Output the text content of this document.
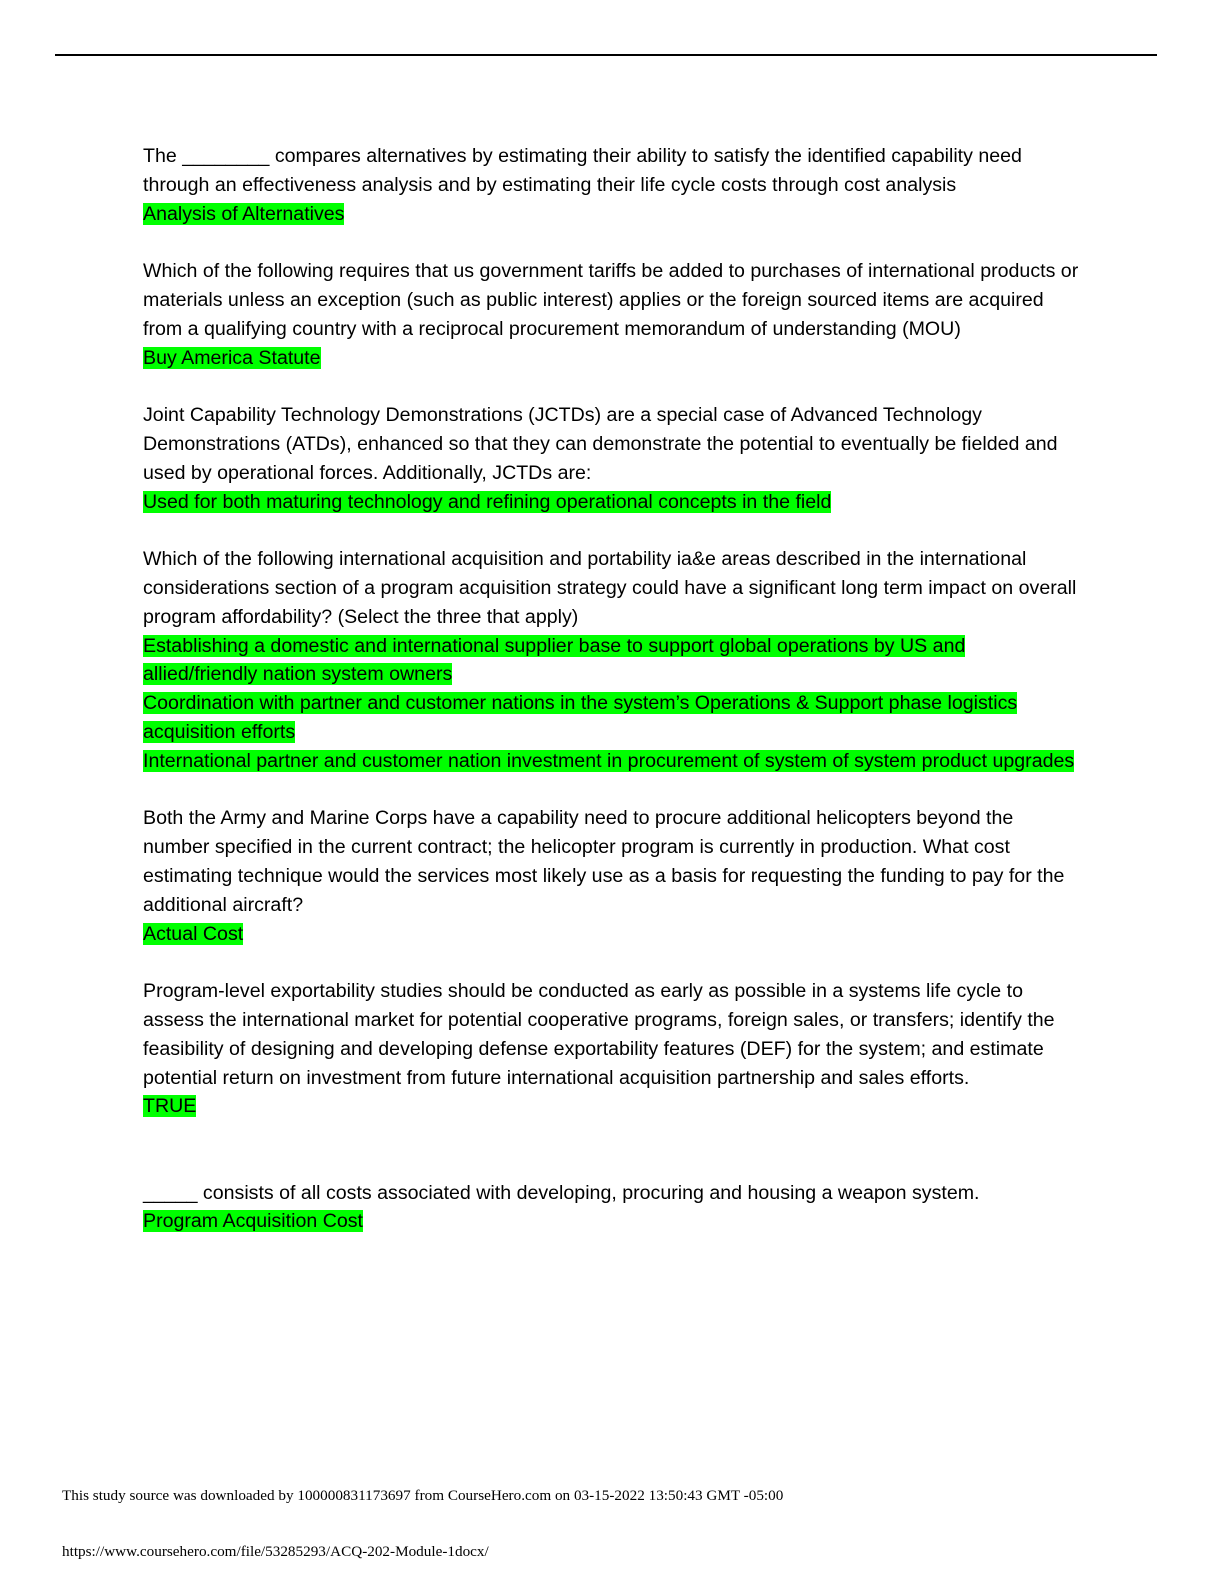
The ________ compares alternatives by estimating their ability to satisfy the identified capability need through an effectiveness analysis and by estimating their life cycle costs through cost analysis
Analysis of Alternatives
Which of the following requires that us government tariffs be added to purchases of international products or materials unless an exception (such as public interest) applies or the foreign sourced items are acquired from a qualifying country with a reciprocal procurement memorandum of understanding (MOU)
Buy America Statute
Joint Capability Technology Demonstrations (JCTDs) are a special case of Advanced Technology Demonstrations (ATDs), enhanced so that they can demonstrate the potential to eventually be fielded and used by operational forces. Additionally, JCTDs are:
Used for both maturing technology and refining operational concepts in the field
Which of the following international acquisition and portability ia&e areas described in the international considerations section of a program acquisition strategy could have a significant long term impact on overall program affordability? (Select the three that apply)
Establishing a domestic and international supplier base to support global operations by US and allied/friendly nation system owners
Coordination with partner and customer nations in the system’s Operations & Support phase logistics acquisition efforts
International partner and customer nation investment in procurement of system of system product upgrades
Both the Army and Marine Corps have a capability need to procure additional helicopters beyond the number specified in the current contract; the helicopter program is currently in production. What cost estimating technique would the services most likely use as a basis for requesting the funding to pay for the additional aircraft?
Actual Cost
Program-level exportability studies should be conducted as early as possible in a systems life cycle to assess the international market for potential cooperative programs, foreign sales, or transfers; identify the feasibility of designing and developing defense exportability features (DEF) for the system; and estimate potential return on investment from future international acquisition partnership and sales efforts.
TRUE
_____ consists of all costs associated with developing, procuring and housing a weapon system.
Program Acquisition Cost
This study source was downloaded by 100000831173697 from CourseHero.com on 03-15-2022 13:50:43 GMT -05:00
https://www.coursehero.com/file/53285293/ACQ-202-Module-1docx/
